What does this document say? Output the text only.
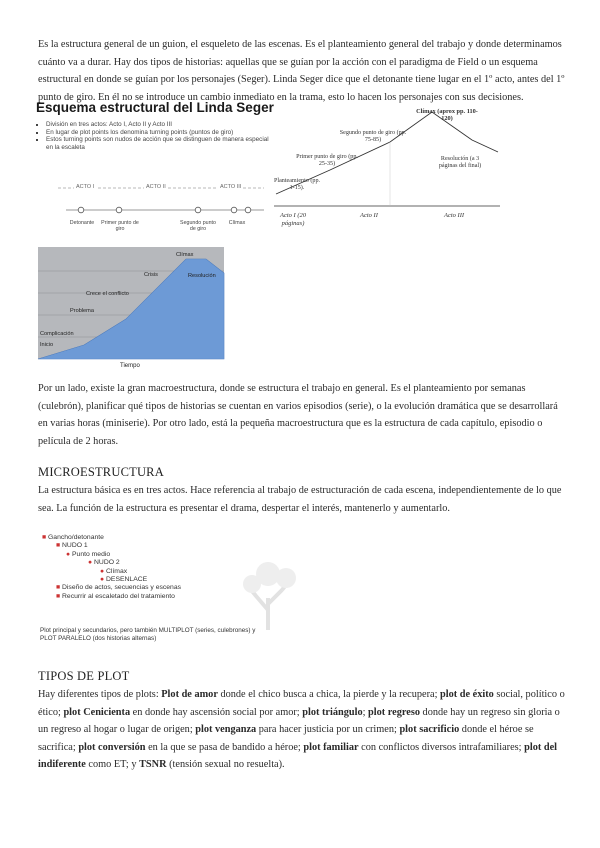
Es la estructura general de un guion, el esqueleto de las escenas. Es el planteamiento general del trabajo y donde determinamos cuánto va a durar. Hay dos tipos de historias: aquellas que se guían por la acción con el paradigma de Field o un esquema estructural en donde se guían por los personajes (Seger). Linda Seger dice que el detonante tiene lugar en el 1º acto, antes del 1º punto de giro. En él no se introduce un cambio inmediato en la trama, esto lo hacen los personajes con sus decisiones.

Esquema estructural del Linda Seger
▪ División en tres actos: Acto I, Acto II y Acto III
▪ En lugar de plot points los denomina turning points (puntos de giro)
▪ Estos turning points son nudos de acción que se distinguen de manera especial en la escaleta
ACTO I	ACTO II	ACTO III
Detonante	Primer punto de giro
Segundo punto de giro
Clímax
Clímax (aprox pp. 110-120)
Segundo punto de giro (pp. 75-85)
Primer punto de giro (pp. 25-35)
Planteamiento (pp. 1-15).
Resolución (a 3 páginas del final)
Acto I (20 páginas)
Acto II	Acto III
Inicio
Complicación
Problema
Crece el conflicto
Crisis
Clímax
Resolución
Tiempo

Por un lado, existe la gran macroestructura, donde se estructura el trabajo en general. Es el planteamiento por semanas (culebrón), planificar qué tipos de historias se cuentan en varios episodios (serie), o la evolución dramática que se desarrollará en varias horas (miniserie). Por otro lado, está la pequeña macroestructura que es la estructura de cada capítulo, episodio o película de 2 horas.

MICROESTRUCTURA

La estructura básica es en tres actos. Hace referencia al trabajo de estructuración de cada escena, independientemente de lo que sea. La función de la estructura es presentar el drama, despertar el interés, mantenerlo y aumentarlo.

■ Gancho/detonante
■ NUDO 1
● Punto medio
● NUDO 2
● Clímax
● DESENLACE
■ Diseño de actos, secuencias y escenas
■ Recurrir al escaletado del tratamiento
Plot principal y secundarios, pero también MULTIPLOT (series, culebrones) y
PLOT PARALELO (dos historias alternas)
TIPOS DE PLOT

Hay diferentes tipos de plots: Plot de amor donde el chico busca a chica, la pierde y la recupera; plot de éxito social, político o ético; plot Cenicienta en donde hay ascensión social por amor; plot triángulo; plot regreso donde hay un regreso sin gloria o un regreso al hogar o lugar de origen; plot venganza para hacer justicia por un crimen; plot sacrificio donde el héroe se sacrifica; plot conversión en la que se pasa de bandido a héroe; plot familiar con conflictos diversos intrafamiliares; plot del indiferente como ET; y TSNR (tensión sexual no resuelta).
